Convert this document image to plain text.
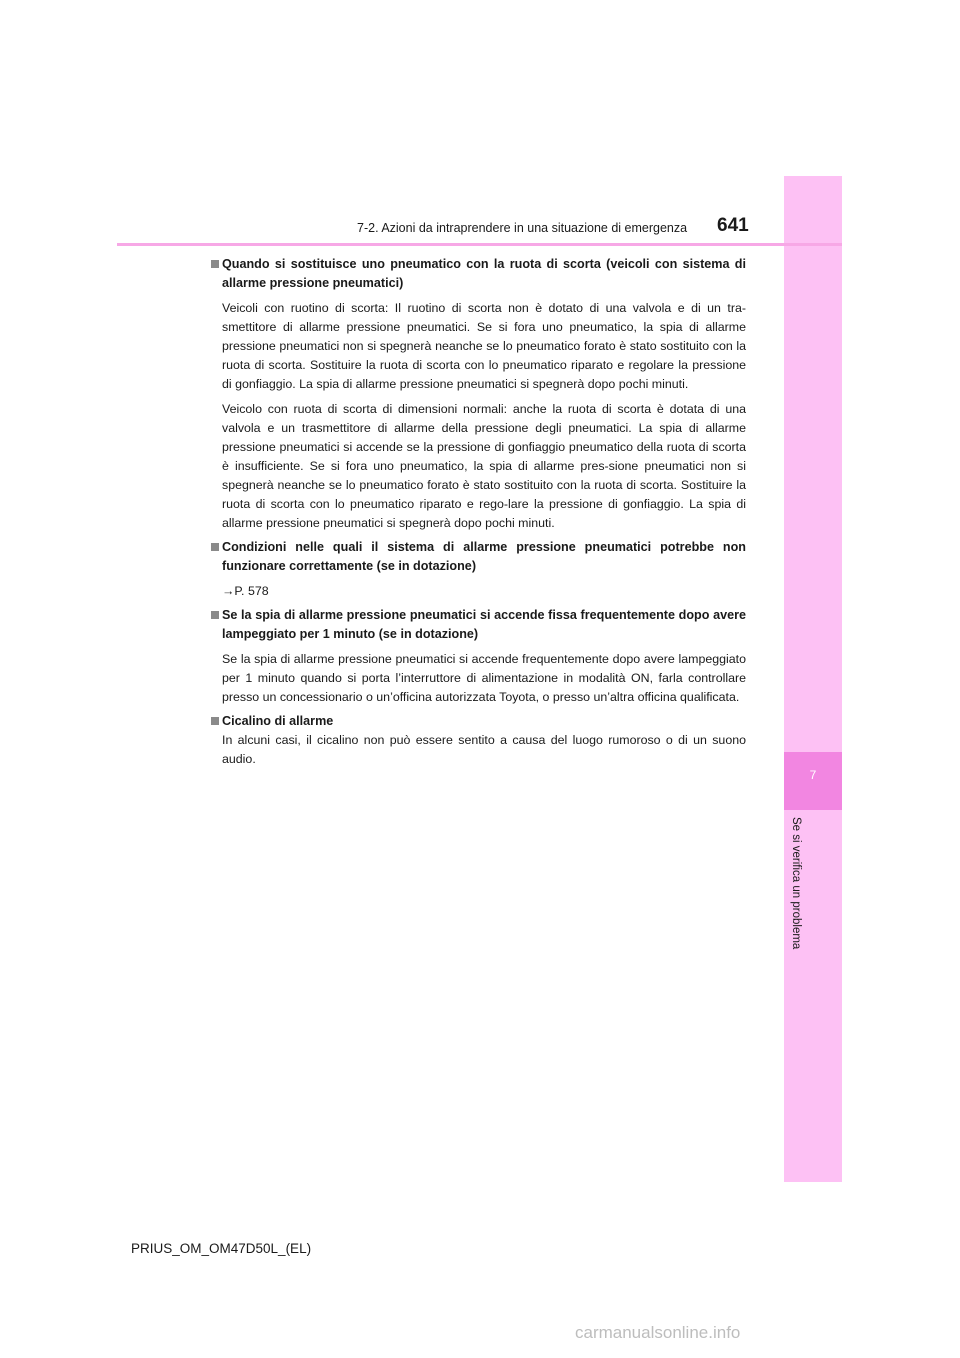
7
Se si verifica un problema
7-2. Azioni da intraprendere in una situazione di emergenza 641
Quando si sostituisce uno pneumatico con la ruota di scorta (veicoli con sistema di allarme pressione pneumatici)

Veicoli con ruotino di scorta: Il ruotino di scorta non è dotato di una valvola e di un tra-smettitore di allarme pressione pneumatici. Se si fora uno pneumatico, la spia di allarme pressione pneumatici non si spegnerà neanche se lo pneumatico forato è stato sostituito con la ruota di scorta. Sostituire la ruota di scorta con lo pneumatico riparato e regolare la pressione di gonfiaggio. La spia di allarme pressione pneumatici si spegnerà dopo pochi minuti.

Veicolo con ruota di scorta di dimensioni normali: anche la ruota di scorta è dotata di una valvola e un trasmettitore di allarme della pressione degli pneumatici. La spia di allarme pressione pneumatici si accende se la pressione di gonfiaggio pneumatico della ruota di scorta è insufficiente. Se si fora uno pneumatico, la spia di allarme pres-sione pneumatici non si spegnerà neanche se lo pneumatico forato è stato sostituito con la ruota di scorta. Sostituire la ruota di scorta con lo pneumatico riparato e rego-lare la pressione di gonfiaggio. La spia di allarme pressione pneumatici si spegnerà dopo pochi minuti.

Condizioni nelle quali il sistema di allarme pressione pneumatici potrebbe non funzionare correttamente (se in dotazione)

→P. 578

Se la spia di allarme pressione pneumatici si accende fissa frequentemente dopo avere lampeggiato per 1 minuto (se in dotazione)

Se la spia di allarme pressione pneumatici si accende frequentemente dopo avere lampeggiato per 1 minuto quando si porta l’interruttore di alimentazione in modalità ON, farla controllare presso un concessionario o un’officina autorizzata Toyota, o presso un’altra officina qualificata.

Cicalino di allarme

In alcuni casi, il cicalino non può essere sentito a causa del luogo rumoroso o di un suono audio.

PRIUS_OM_OM47D50L_(EL)
carmanualsonline.info
